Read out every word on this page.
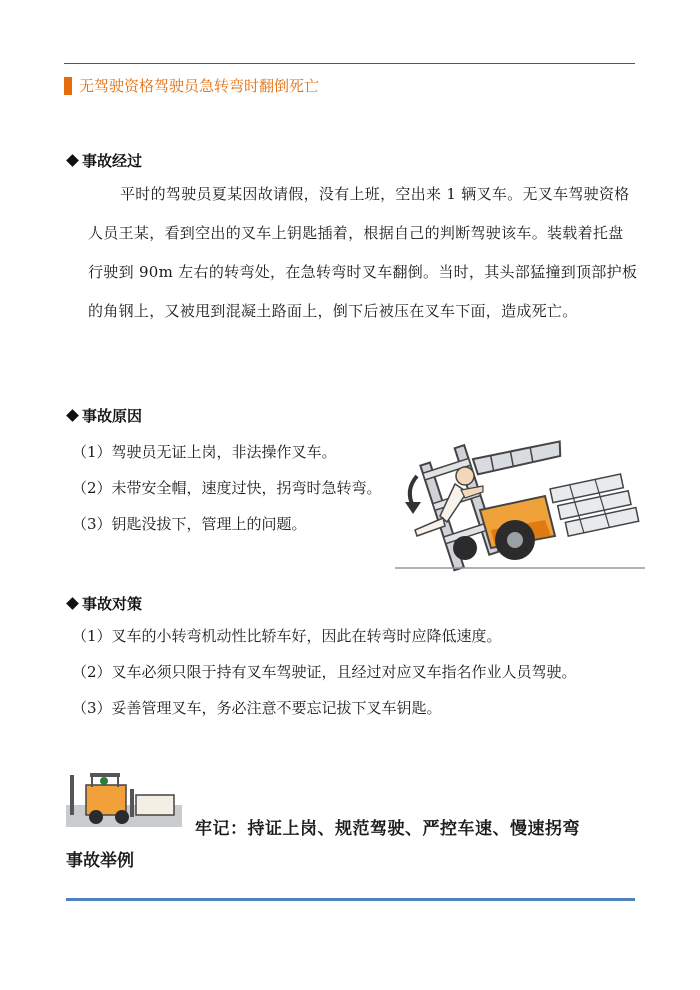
无驾驶资格驾驶员急转弯时翻倒死亡
事故经过
平时的驾驶员夏某因故请假，没有上班，空出来 1 辆叉车。无叉车驾驶资格人员王某，看到空出的叉车上钥匙插着，根据自己的判断驾驶该车。装载着托盘行驶到 90m 左右的转弯处，在急转弯时叉车翻倒。当时，其头部猛撞到顶部护板的角钢上，又被甩到混凝土路面上，倒下后被压在叉车下面，造成死亡。
事故原因
（1）驾驶员无证上岗，非法操作叉车。
（2）未带安全帽，速度过快，拐弯时急转弯。
（3）钥匙没拔下，管理上的问题。
事故对策
（1）叉车的小转弯机动性比轿车好，因此在转弯时应降低速度。
（2）叉车必须只限于持有叉车驾驶证，且经过对应叉车指名作业人员驾驶。
（3）妥善管理叉车，务必注意不要忘记拔下叉车钥匙。
牢记：持证上岗、规范驾驶、严控车速、慢速拐弯
事故举例
